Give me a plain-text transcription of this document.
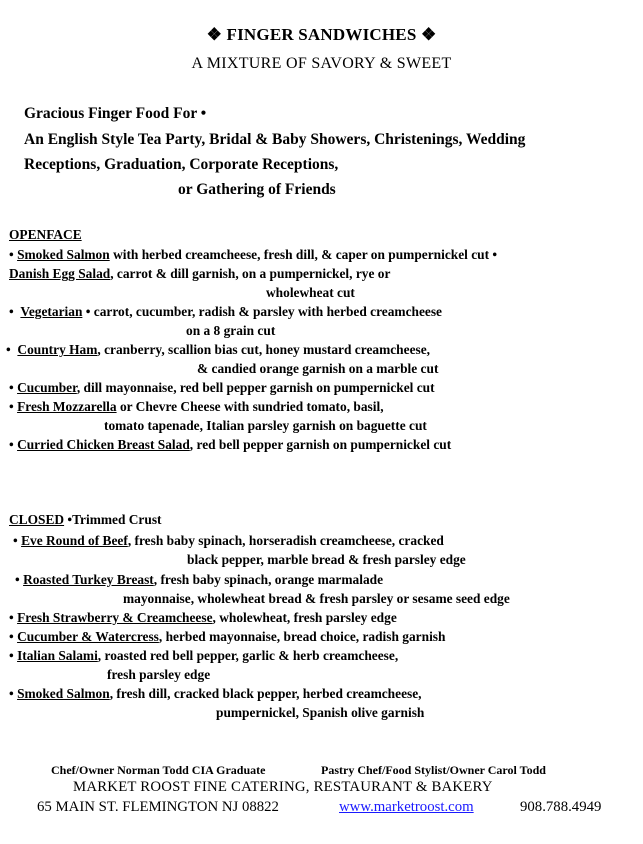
❖ FINGER SANDWICHES ❖
A MIXTURE OF SAVORY & SWEET
Gracious Finger Food For •
An English Style Tea Party, Bridal & Baby Showers, Christenings, Wedding
Receptions, Graduation, Corporate Receptions,
or Gathering of Friends
OPENFACE
• Smoked Salmon with herbed creamcheese, fresh dill, & caper on pumpernickel cut •
Danish Egg Salad, carrot & dill garnish, on a pumpernickel, rye or
wholewheat cut
• Vegetarian • carrot, cucumber, radish & parsley with herbed creamcheese
on a 8 grain cut
• Country Ham, cranberry, scallion bias cut, honey mustard creamcheese,
& candied orange garnish on a marble cut
• Cucumber, dill mayonnaise, red bell pepper garnish on pumpernickel cut
• Fresh Mozzarella or Chevre Cheese with sundried tomato, basil,
tomato tapenade, Italian parsley garnish on baguette cut
• Curried Chicken Breast Salad, red bell pepper garnish on pumpernickel cut
CLOSED •Trimmed Crust
• Eve Round of Beef, fresh baby spinach, horseradish creamcheese, cracked
black pepper, marble bread & fresh parsley edge
• Roasted Turkey Breast, fresh baby spinach, orange marmalade
mayonnaise, wholewheat bread & fresh parsley or sesame seed edge
• Fresh Strawberry & Creamcheese, wholewheat, fresh parsley edge
• Cucumber & Watercress, herbed mayonnaise, bread choice, radish garnish
• Italian Salami, roasted red bell pepper, garlic & herb creamcheese,
fresh parsley edge
• Smoked Salmon, fresh dill, cracked black pepper, herbed creamcheese,
pumpernickel, Spanish olive garnish
Chef/Owner Norman Todd CIA Graduate	Pastry Chef/Food Stylist/Owner Carol Todd
MARKET ROOST FINE CATERING, RESTAURANT & BAKERY
65 MAIN ST. FLEMINGTON NJ 08822	www.marketroost.com	908.788.4949
